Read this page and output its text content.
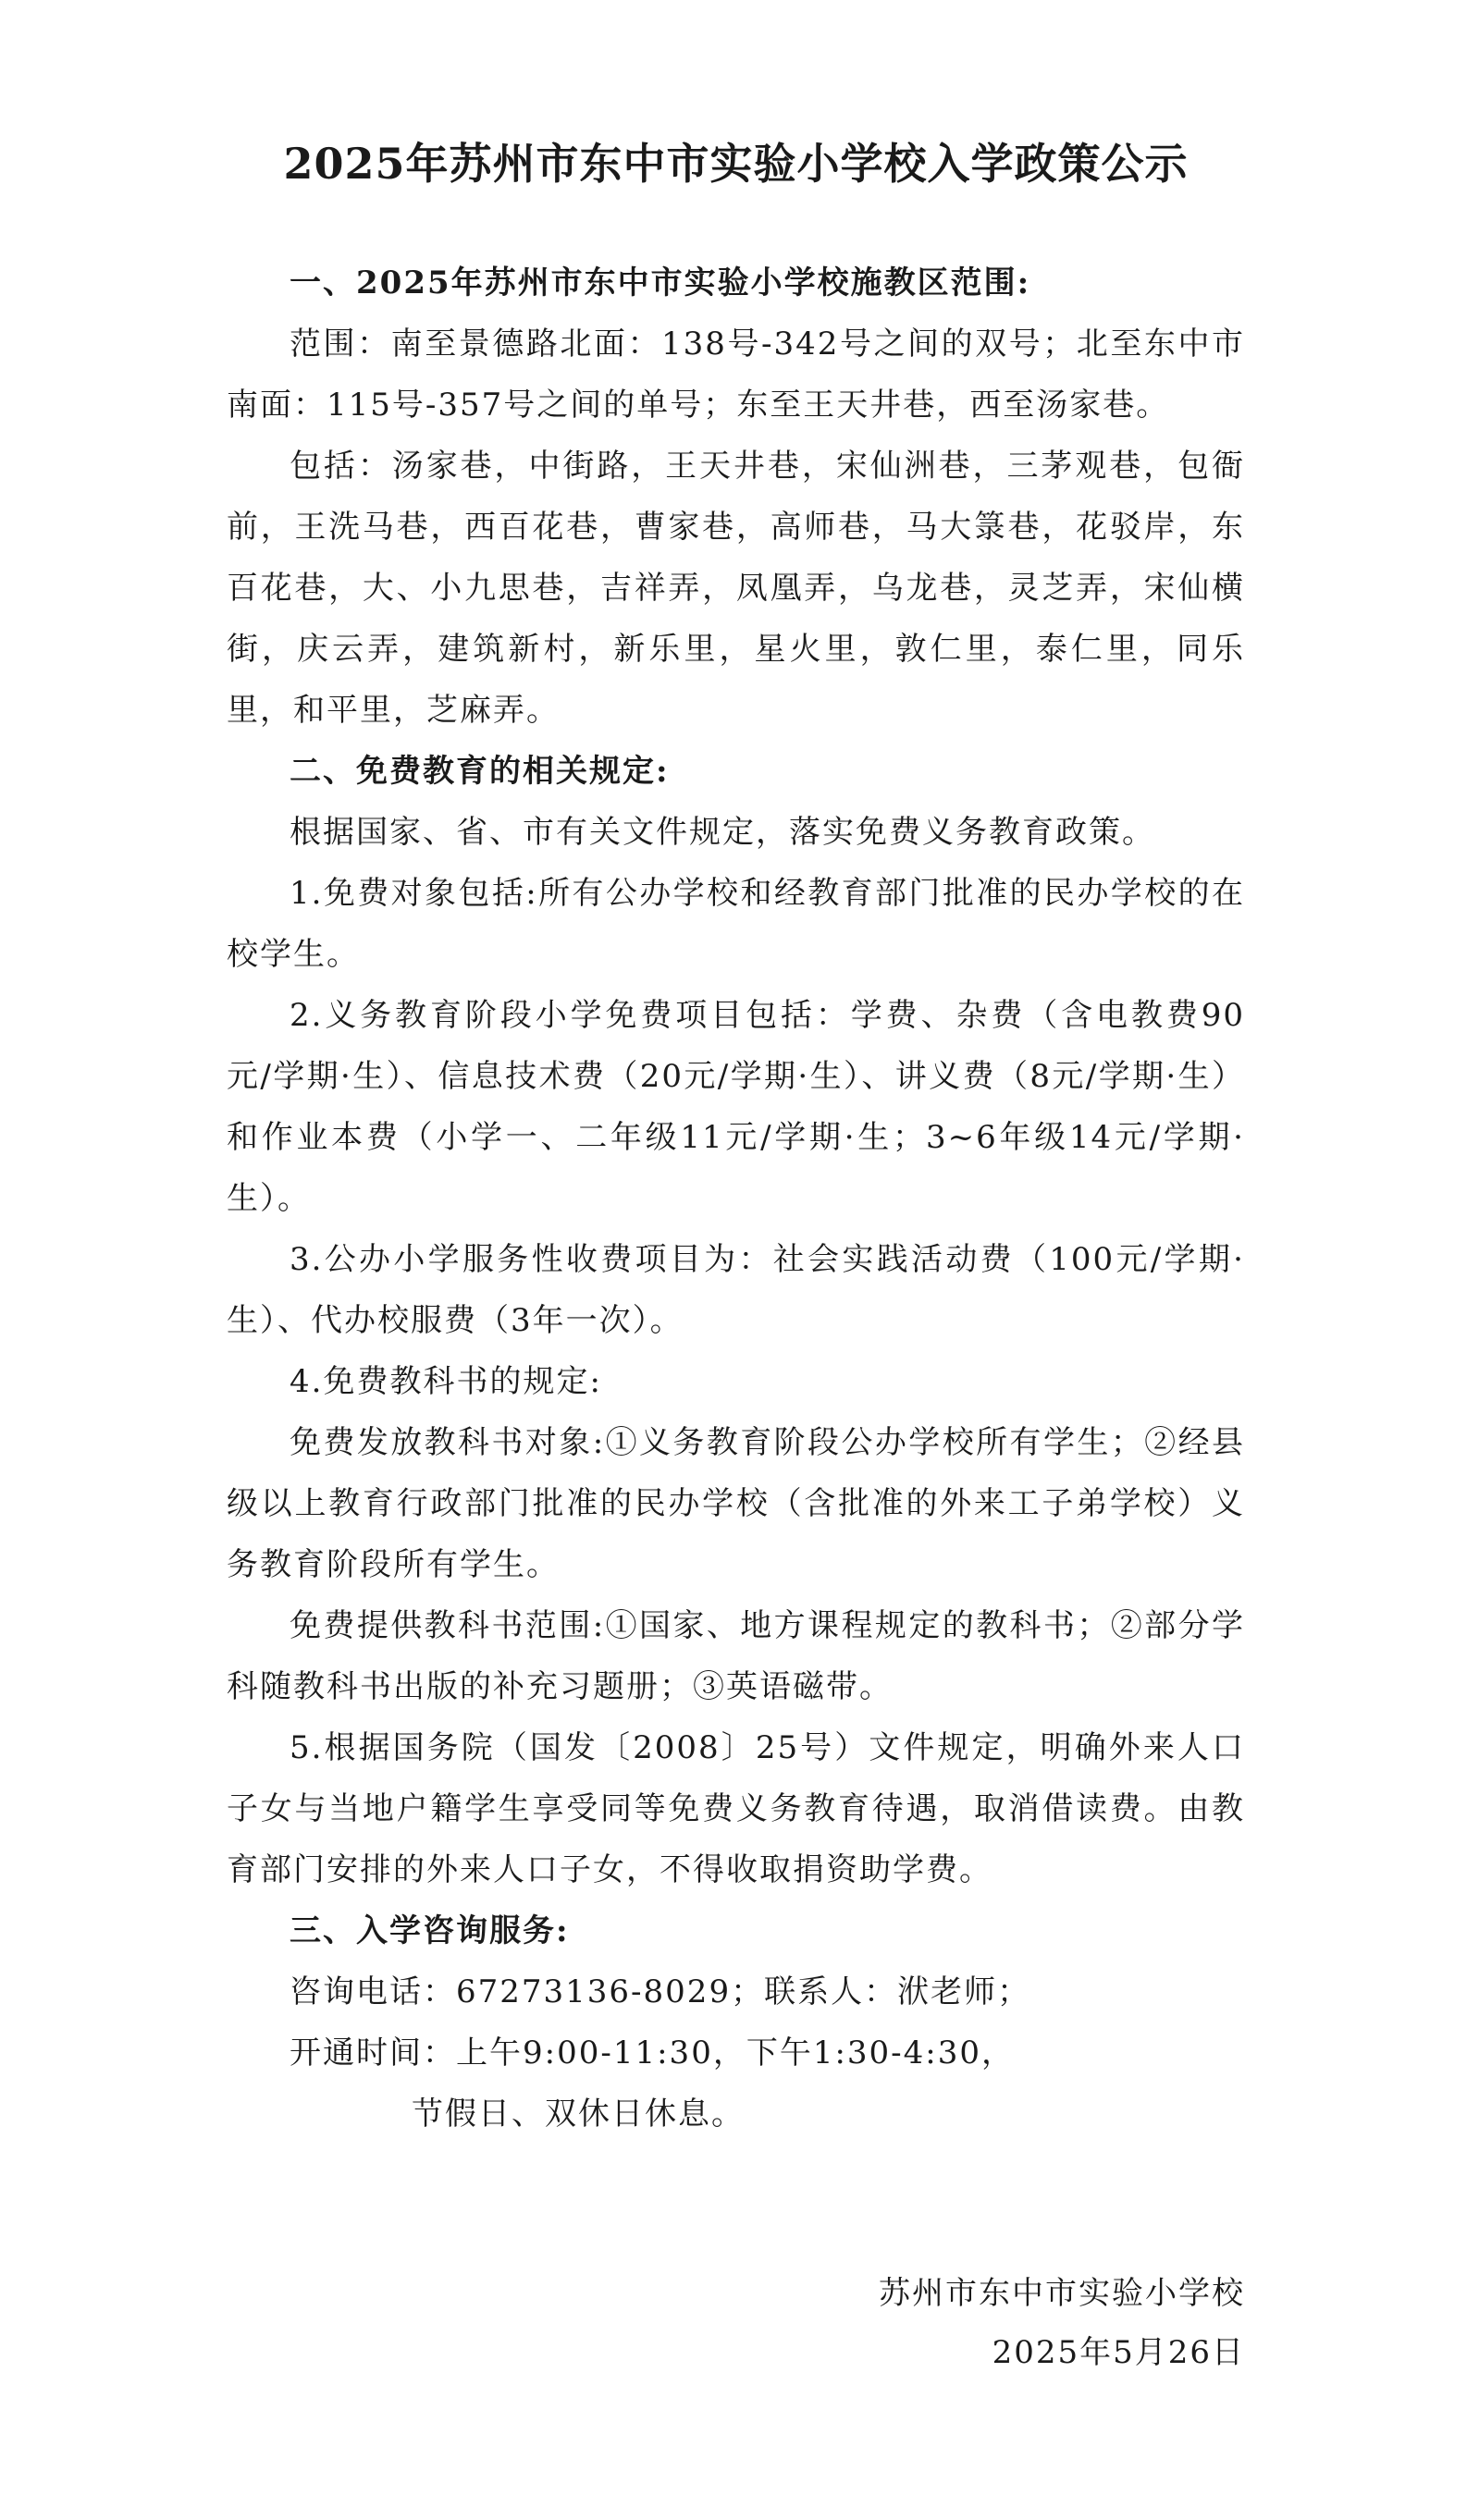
2025年苏州市东中市实验小学校入学政策公示

一、2025年苏州市东中市实验小学校施教区范围:

范围：南至景德路北面：138号-342号之间的双号；北至东中市南面：115号-357号之间的单号；东至王天井巷，西至汤家巷。

包括：汤家巷，中街路，王天井巷，宋仙洲巷，三茅观巷，包衙前，王洗马巷，西百花巷，曹家巷，高师巷，马大箓巷，花驳岸，东百花巷，大、小九思巷，吉祥弄，凤凰弄，乌龙巷，灵芝弄，宋仙横街，庆云弄，建筑新村，新乐里，星火里，敦仁里，泰仁里，同乐里，和平里，芝麻弄。

二、免费教育的相关规定:

根据国家、省、市有关文件规定，落实免费义务教育政策。

1.免费对象包括:所有公办学校和经教育部门批准的民办学校的在校学生。

2.义务教育阶段小学免费项目包括：学费、杂费（含电教费90元/学期·生）、信息技术费（20元/学期·生）、讲义费（8元/学期·生）和作业本费（小学一、二年级11元/学期·生；3~6年级14元/学期·生）。

3.公办小学服务性收费项目为：社会实践活动费（100元/学期·生）、代办校服费（3年一次）。

4.免费教科书的规定:

免费发放教科书对象:①义务教育阶段公办学校所有学生；②经县级以上教育行政部门批准的民办学校（含批准的外来工子弟学校）义务教育阶段所有学生。

免费提供教科书范围:①国家、地方课程规定的教科书；②部分学科随教科书出版的补充习题册；③英语磁带。

5.根据国务院（国发〔2008〕25号）文件规定，明确外来人口子女与当地户籍学生享受同等免费义务教育待遇，取消借读费。由教育部门安排的外来人口子女，不得收取捐资助学费。

三、入学咨询服务:

咨询电话：67273136-8029；联系人：洑老师；

开通时间：上午9:00-11:30，下午1:30-4:30，

节假日、双休日休息。

苏州市东中市实验小学校

2025年5月26日
